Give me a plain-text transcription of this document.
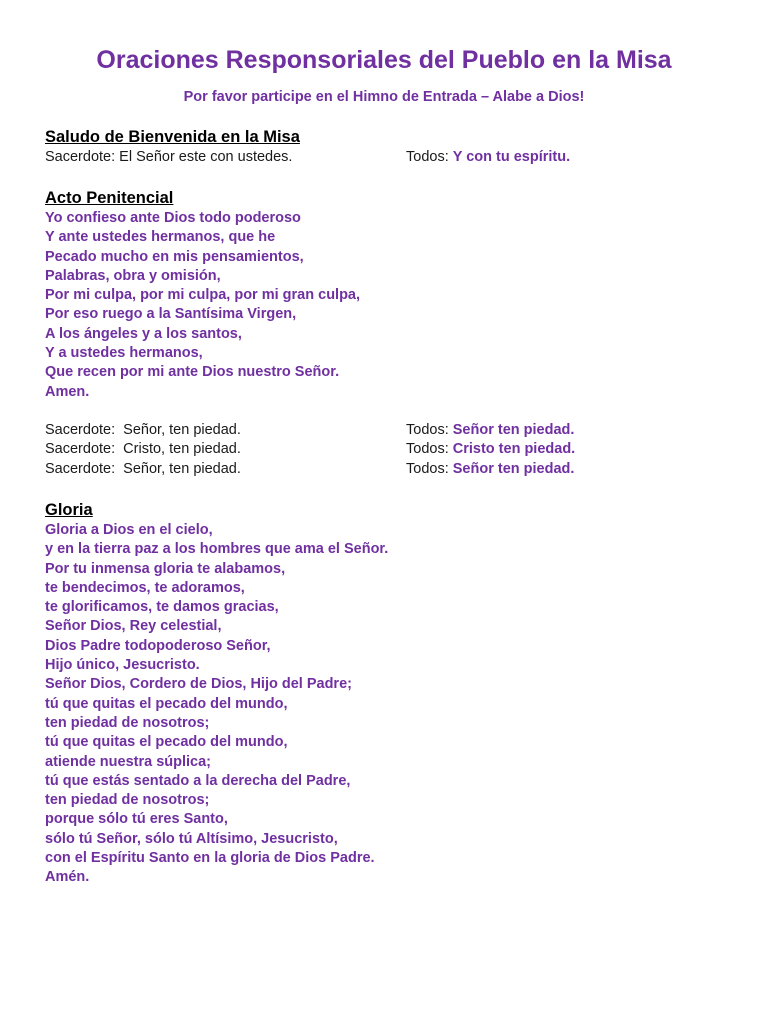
Oraciones Responsoriales del Pueblo en la Misa

Por favor participe en el Himno de Entrada – Alabe a Dios!

Saludo de Bienvenida en la Misa
Sacerdote: El Señor este con ustedes.	Todos: Y con tu espíritu.
Acto Penitencial
Yo confieso ante Dios todo poderoso
Y ante ustedes hermanos, que he
Pecado mucho en mis pensamientos,
Palabras, obra y omisión,
Por mi culpa, por mi culpa, por mi gran culpa,
Por eso ruego a la Santísima Virgen,
A los ángeles y a los santos,
Y a ustedes hermanos,
Que recen por mi ante Dios nuestro Señor.
Amen.
Sacerdote:  Señor, ten piedad.	Todos: Señor ten piedad.
Sacerdote:  Cristo, ten piedad.	Todos: Cristo ten piedad.
Sacerdote:  Señor, ten piedad.	Todos: Señor ten piedad.
Gloria
Gloria a Dios en el cielo,
y en la tierra paz a los hombres que ama el Señor.
Por tu inmensa gloria te alabamos,
te bendecimos, te adoramos,
te glorificamos, te damos gracias,
Señor Dios, Rey celestial,
Dios Padre todopoderoso Señor,
Hijo único, Jesucristo.
Señor Dios, Cordero de Dios, Hijo del Padre;
tú que quitas el pecado del mundo,
ten piedad de nosotros;
tú que quitas el pecado del mundo,
atiende nuestra súplica;
tú que estás sentado a la derecha del Padre,
ten piedad de nosotros;
porque sólo tú eres Santo,
sólo tú Señor, sólo tú Altísimo, Jesucristo,
con el Espíritu Santo en la gloria de Dios Padre.
Amén.
